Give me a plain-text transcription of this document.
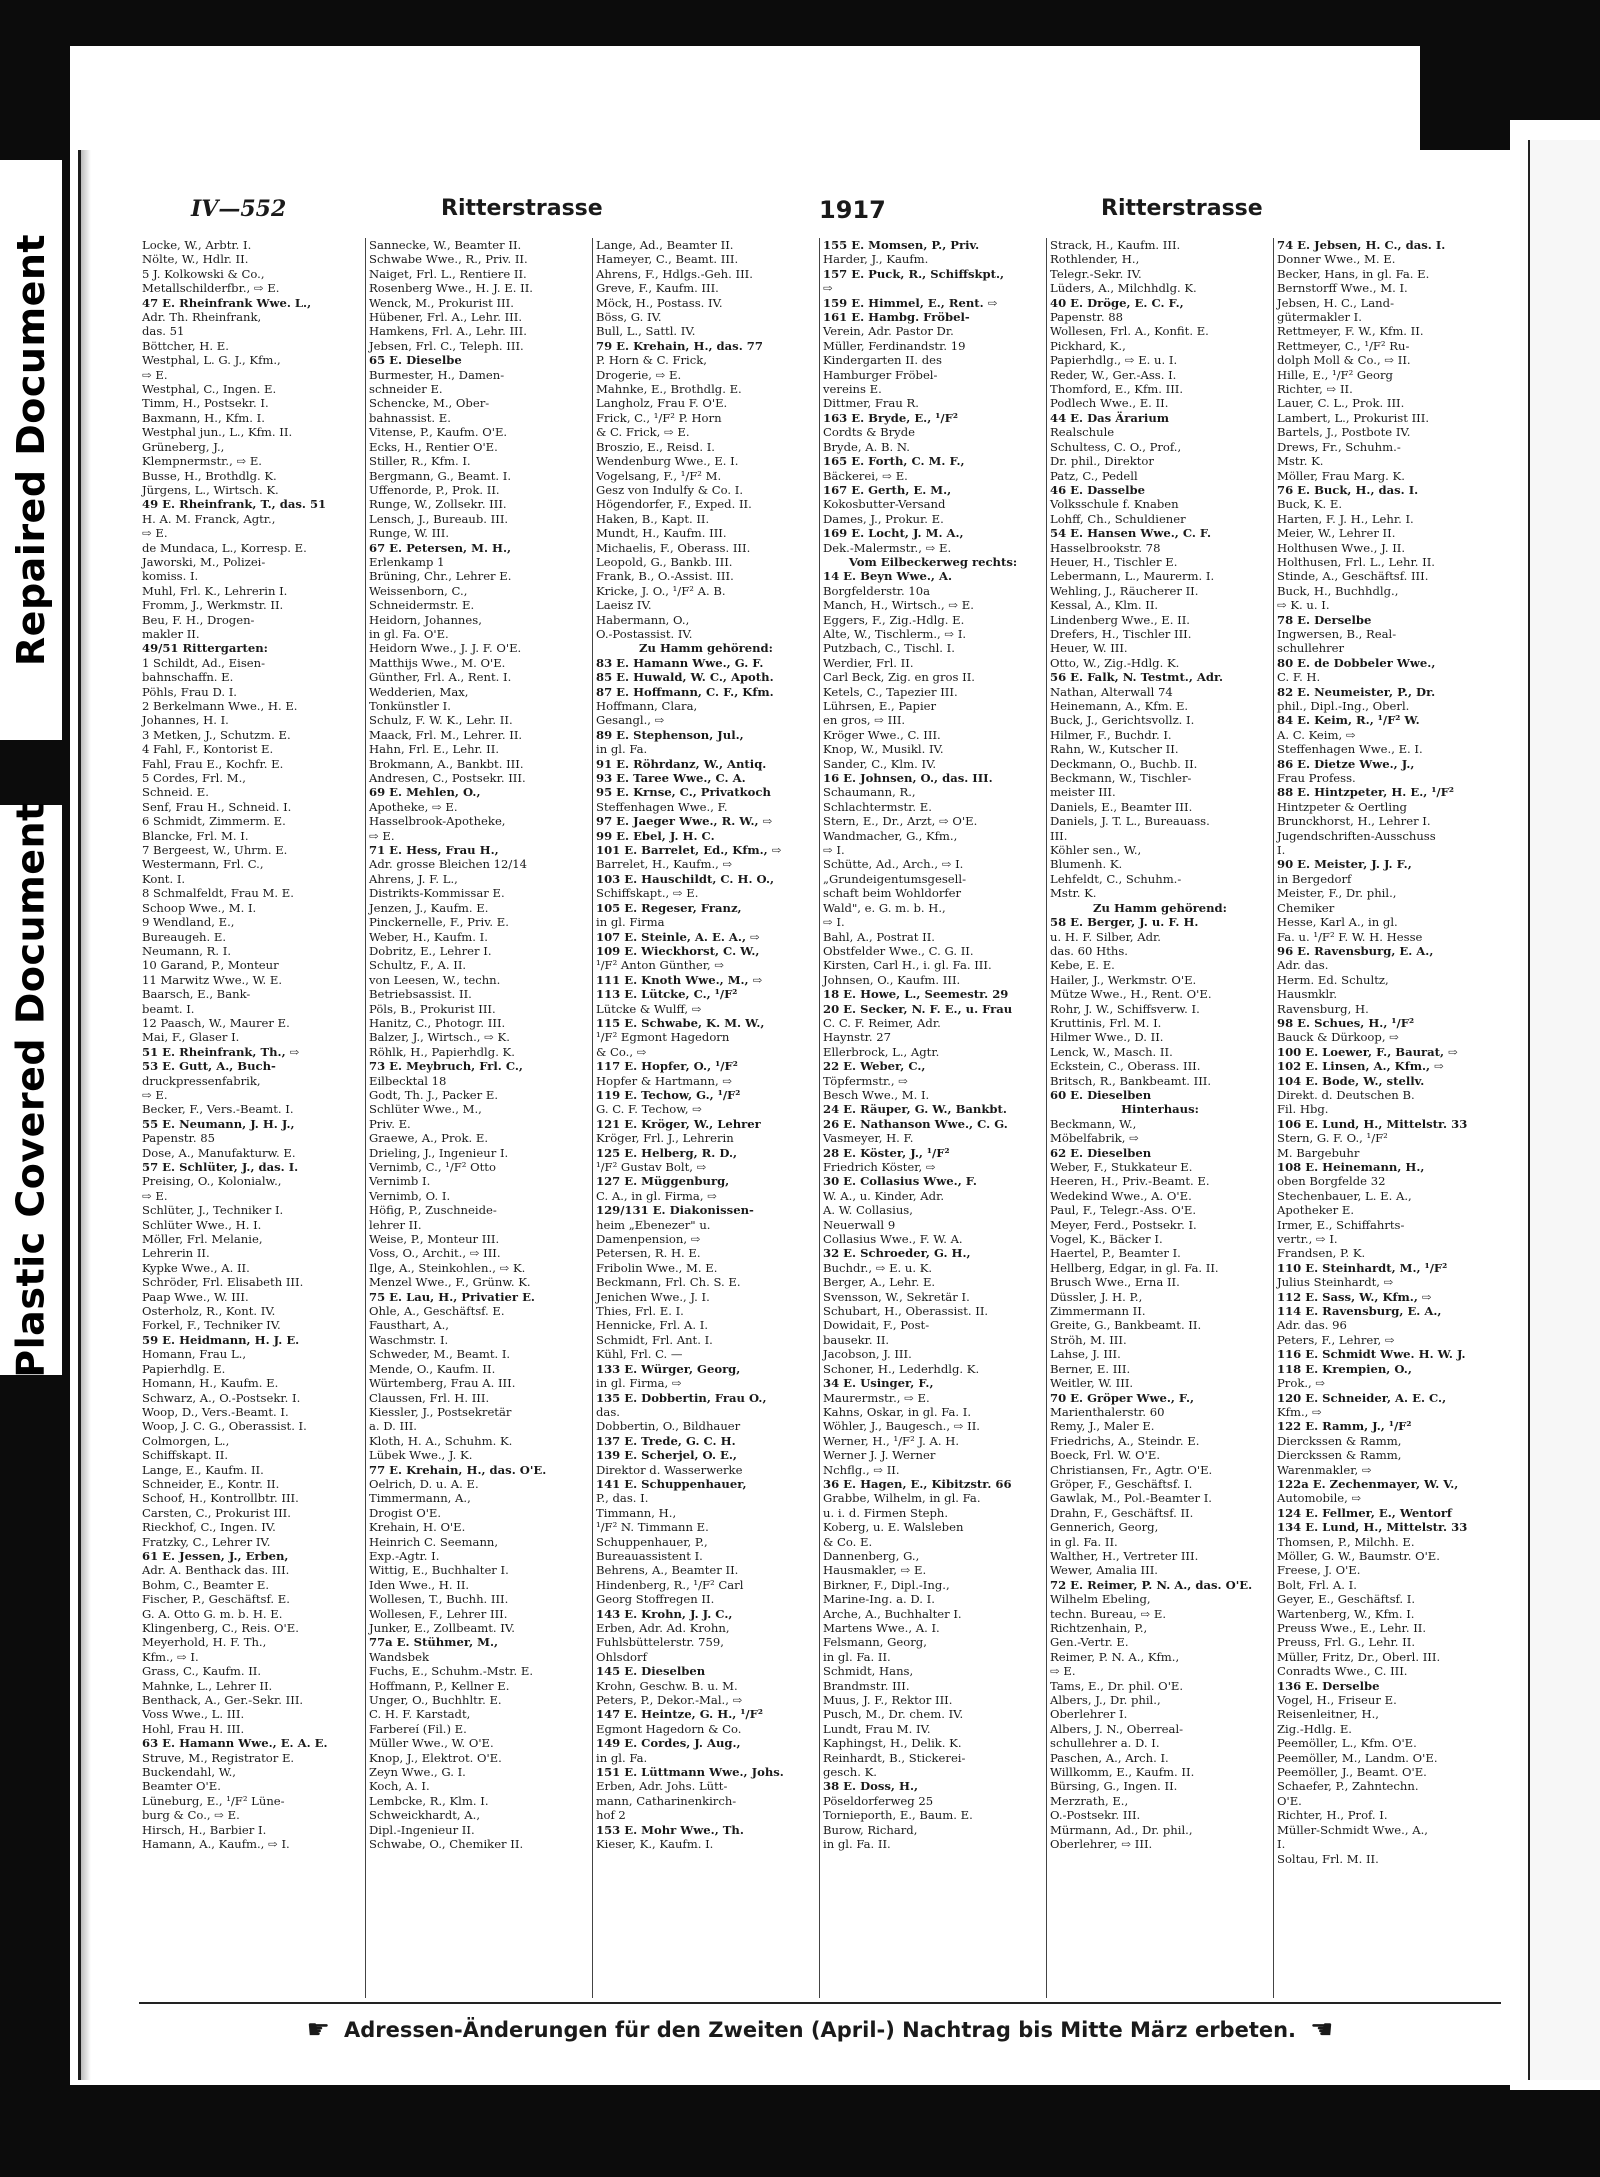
Repaired Document
Plastic Covered Document
IV—552	Ritterstrasse	1917	Ritterstrasse
Locke, W., Arbtr. I.
Nölte, W., Hdlr. II.
5 J. Kolkowski & Co.,
Metallschilderfbr., ⇨ E.
47 E. Rheinfrank Wwe. L.,
Adr. Th. Rheinfrank,
das. 51
Böttcher, H. E.
Westphal, L. G. J., Kfm.,
⇨ E.
Westphal, C., Ingen. E.
Timm, H., Postsekr. I.
Baxmann, H., Kfm. I.
Westphal jun., L., Kfm. II.
Grüneberg, J.,
Klempnermstr., ⇨ E.
Busse, H., Brothdlg. K.
Jürgens, L., Wirtsch. K.
49 E. Rheinfrank, T., das. 51
H. A. M. Franck, Agtr.,
⇨ E.
de Mundaca, L., Korresp. E.
Jaworski, M., Polizei-
komiss. I.
Muhl, Frl. K., Lehrerin I.
Fromm, J., Werkmstr. II.
Beu, F. H., Drogen-
makler II.
49/51 Rittergarten:
1 Schildt, Ad., Eisen-
bahnschaffn. E.
Pöhls, Frau D. I.
2 Berkelmann Wwe., H. E.
Johannes, H. I.
3 Metken, J., Schutzm. E.
4 Fahl, F., Kontorist E.
Fahl, Frau E., Kochfr. E.
5 Cordes, Frl. M.,
Schneid. E.
Senf, Frau H., Schneid. I.
6 Schmidt, Zimmerm. E.
Blancke, Frl. M. I.
7 Bergeest, W., Uhrm. E.
Westermann, Frl. C.,
Kont. I.
8 Schmalfeldt, Frau M. E.
Schoop Wwe., M. I.
9 Wendland, E.,
Bureaugeh. E.
Neumann, R. I.
10 Garand, P., Monteur
11 Marwitz Wwe., W. E.
Baarsch, E., Bank-
beamt. I.
12 Paasch, W., Maurer E.
Mai, F., Glaser I.
51 E. Rheinfrank, Th., ⇨
53 E. Gutt, A., Buch-
druckpressenfabrik,
⇨ E.
Becker, F., Vers.-Beamt. I.
55 E. Neumann, J. H. J.,
Papenstr. 85
Dose, A., Manufakturw. E.
57 E. Schlüter, J., das. I.
Preising, O., Kolonialw.,
⇨ E.
Schlüter, J., Techniker I.
Schlüter Wwe., H. I.
Möller, Frl. Melanie,
Lehrerin II.
Kypke Wwe., A. II.
Schröder, Frl. Elisabeth III.
Paap Wwe., W. III.
Osterholz, R., Kont. IV.
Forkel, F., Techniker IV.
59 E. Heidmann, H. J. E.
Homann, Frau L.,
Papierhdlg. E.
Homann, H., Kaufm. E.
Schwarz, A., O.-Postsekr. I.
Woop, D., Vers.-Beamt. I.
Woop, J. C. G., Oberassist. I.
Colmorgen, L.,
Schiffskapt. II.
Lange, E., Kaufm. II.
Schneider, E., Kontr. II.
Schoof, H., Kontrollbtr. III.
Carsten, C., Prokurist III.
Rieckhof, C., Ingen. IV.
Fratzky, C., Lehrer IV.
61 E. Jessen, J., Erben,
Adr. A. Benthack das. III.
Bohm, C., Beamter E.
Fischer, P., Geschäftsf. E.
G. A. Otto G. m. b. H. E.
Klingenberg, C., Reis. O'E.
Meyerhold, H. F. Th.,
Kfm., ⇨ I.
Grass, C., Kaufm. II.
Mahnke, L., Lehrer II.
Benthack, A., Ger.-Sekr. III.
Voss Wwe., L. III.
Hohl, Frau H. III.
63 E. Hamann Wwe., E. A. E.
Struve, M., Registrator E.
Buckendahl, W.,
Beamter O'E.
Lüneburg, E., ¹/F² Lüne-
burg & Co., ⇨ E.
Hirsch, H., Barbier I.
Hamann, A., Kaufm., ⇨ I.
Sannecke, W., Beamter II.
Schwabe Wwe., R., Priv. II.
Naiget, Frl. L., Rentiere II.
Rosenberg Wwe., H. J. E. II.
Wenck, M., Prokurist III.
Hübener, Frl. A., Lehr. III.
Hamkens, Frl. A., Lehr. III.
Jebsen, Frl. C., Teleph. III.
65 E. Dieselbe
Burmester, H., Damen-
schneider E.
Schencke, M., Ober-
bahnassist. E.
Vitense, P., Kaufm. O'E.
Ecks, H., Rentier O'E.
Stiller, R., Kfm. I.
Bergmann, G., Beamt. I.
Uffenorde, P., Prok. II.
Runge, W., Zollsekr. III.
Lensch, J., Bureaub. III.
Runge, W. III.
67 E. Petersen, M. H.,
Erlenkamp 1
Brüning, Chr., Lehrer E.
Weissenborn, C.,
Schneidermstr. E.
Heidorn, Johannes,
in gl. Fa. O'E.
Heidorn Wwe., J. J. F. O'E.
Matthijs Wwe., M. O'E.
Günther, Frl. A., Rent. I.
Wedderien, Max,
Tonkünstler I.
Schulz, F. W. K., Lehr. II.
Maack, Frl. M., Lehrer. II.
Hahn, Frl. E., Lehr. II.
Brokmann, A., Bankbt. III.
Andresen, C., Postsekr. III.
69 E. Mehlen, O.,
Apotheke, ⇨ E.
Hasselbrook-Apotheke,
⇨ E.
71 E. Hess, Frau H.,
Adr. grosse Bleichen 12/14
Ahrens, J. F. L.,
Distrikts-Kommissar E.
Jenzen, J., Kaufm. E.
Pinckernelle, F., Priv. E.
Weber, H., Kaufm. I.
Dobritz, E., Lehrer I.
Schultz, F., A. II.
von Leesen, W., techn.
Betriebsassist. II.
Pöls, B., Prokurist III.
Hanitz, C., Photogr. III.
Balzer, J., Wirtsch., ⇨ K.
Röhlk, H., Papierhdlg. K.
73 E. Meybruch, Frl. C.,
Eilbecktal 18
Godt, Th. J., Packer E.
Schlüter Wwe., M.,
Priv. E.
Graewe, A., Prok. E.
Drieling, J., Ingenieur I.
Vernimb, C., ¹/F² Otto
Vernimb I.
Vernimb, O. I.
Höfig, P., Zuschneide-
lehrer II.
Weise, P., Monteur III.
Voss, O., Archit., ⇨ III.
Ilge, A., Steinkohlen., ⇨ K.
Menzel Wwe., F., Grünw. K.
75 E. Lau, H., Privatier E.
Ohle, A., Geschäftsf. E.
Fausthart, A.,
Waschmstr. I.
Schweder, M., Beamt. I.
Mende, O., Kaufm. II.
Würtemberg, Frau A. III.
Claussen, Frl. H. III.
Kiessler, J., Postsekretär
a. D. III.
Kloth, H. A., Schuhm. K.
Lübek Wwe., J. K.
77 E. Krehain, H., das. O'E.
Oelrich, D. u. A. E.
Timmermann, A.,
Drogist O'E.
Krehain, H. O'E.
Heinrich C. Seemann,
Exp.-Agtr. I.
Wittig, E., Buchhalter I.
Iden Wwe., H. II.
Wollesen, T., Buchh. III.
Wollesen, F., Lehrer III.
Junker, E., Zollbeamt. IV.
77a E. Stühmer, M.,
Wandsbek
Fuchs, E., Schuhm.-Mstr. E.
Hoffmann, P., Kellner E.
Unger, O., Buchhltr. E.
C. H. F. Karstadt,
Farbereí (Fil.) E.
Müller Wwe., W. O'E.
Knop, J., Elektrot. O'E.
Zeyn Wwe., G. I.
Koch, A. I.
Lembcke, R., Klm. I.
Schweickhardt, A.,
Dipl.-Ingenieur II.
Schwabe, O., Chemiker II.
Lange, Ad., Beamter II.
Hameyer, C., Beamt. III.
Ahrens, F., Hdlgs.-Geh. III.
Greve, F., Kaufm. III.
Möck, H., Postass. IV.
Böss, G. IV.
Bull, L., Sattl. IV.
79 E. Krehain, H., das. 77
P. Horn & C. Frick,
Drogerie, ⇨ E.
Mahnke, E., Brothdlg. E.
Langholz, Frau F. O'E.
Frick, C., ¹/F² P. Horn
& C. Frick, ⇨ E.
Broszio, E., Reisd. I.
Wendenburg Wwe., E. I.
Vogelsang, F., ¹/F² M.
Gesz von Indulfy & Co. I.
Högendorfer, F., Exped. II.
Haken, B., Kapt. II.
Mundt, H., Kaufm. III.
Michaelis, F., Oberass. III.
Leopold, G., Bankb. III.
Frank, B., O.-Assist. III.
Kricke, J. O., ¹/F² A. B.
Laeisz IV.
Habermann, O.,
O.-Postassist. IV.
Zu Hamm gehörend:
83 E. Hamann Wwe., G. F.
85 E. Huwald, W. C., Apoth.
87 E. Hoffmann, C. F., Kfm.
Hoffmann, Clara,
Gesangl., ⇨
89 E. Stephenson, Jul.,
in gl. Fa.
91 E. Röhrdanz, W., Antiq.
93 E. Taree Wwe., C. A.
95 E. Krnse, C., Privatkoch
Steffenhagen Wwe., F.
97 E. Jaeger Wwe., R. W., ⇨
99 E. Ebel, J. H. C.
101 E. Barrelet, Ed., Kfm., ⇨
Barrelet, H., Kaufm., ⇨
103 E. Hauschildt, C. H. O.,
Schiffskapt., ⇨ E.
105 E. Regeser, Franz,
in gl. Firma
107 E. Steinle, A. E. A., ⇨
109 E. Wieckhorst, C. W.,
¹/F² Anton Günther, ⇨
111 E. Knoth Wwe., M., ⇨
113 E. Lütcke, C., ¹/F²
Lütcke & Wulff, ⇨
115 E. Schwabe, K. M. W.,
¹/F² Egmont Hagedorn
& Co., ⇨
117 E. Hopfer, O., ¹/F²
Hopfer & Hartmann, ⇨
119 E. Techow, G., ¹/F²
G. C. F. Techow, ⇨
121 E. Kröger, W., Lehrer
Kröger, Frl. J., Lehrerin
125 E. Helberg, R. D.,
¹/F² Gustav Bolt, ⇨
127 E. Müggenburg,
C. A., in gl. Firma, ⇨
129/131 E. Diakonissen-
heim „Ebenezer" u.
Damenpension, ⇨
Petersen, R. H. E.
Fribolin Wwe., M. E.
Beckmann, Frl. Ch. S. E.
Jenichen Wwe., J. I.
Thies, Frl. E. I.
Hennicke, Frl. A. I.
Schmidt, Frl. Ant. I.
Kühl, Frl. C. —
133 E. Würger, Georg,
in gl. Firma, ⇨
135 E. Dobbertin, Frau O.,
das.
Dobbertin, O., Bildhauer
137 E. Trede, G. C. H.
139 E. Scherjel, O. E.,
Direktor d. Wasserwerke
141 E. Schuppenhauer,
P., das. I.
Timmann, H.,
¹/F² N. Timmann E.
Schuppenhauer, P.,
Bureauassistent I.
Behrens, A., Beamter II.
Hindenberg, R., ¹/F² Carl
Georg Stoffregen II.
143 E. Krohn, J. J. C.,
Erben, Adr. Ad. Krohn,
Fuhlsbüttelerstr. 759,
Ohlsdorf
145 E. Dieselben
Krohn, Geschw. B. u. M.
Peters, P., Dekor.-Mal., ⇨
147 E. Heintze, G. H., ¹/F²
Egmont Hagedorn & Co.
149 E. Cordes, J. Aug.,
in gl. Fa.
151 E. Lüttmann Wwe., Johs.
Erben, Adr. Johs. Lütt-
mann, Catharinenkirch-
hof 2
153 E. Mohr Wwe., Th.
Kieser, K., Kaufm. I.
155 E. Momsen, P., Priv.
Harder, J., Kaufm.
157 E. Puck, R., Schiffskpt.,
⇨
159 E. Himmel, E., Rent. ⇨
161 E. Hambg. Fröbel-
Verein, Adr. Pastor Dr.
Müller, Ferdinandstr. 19
Kindergarten II. des
Hamburger Fröbel-
vereins E.
Dittmer, Frau R.
163 E. Bryde, E., ¹/F²
Cordts & Bryde
Bryde, A. B. N.
165 E. Forth, C. M. F.,
Bäckerei, ⇨ E.
167 E. Gerth, E. M.,
Kokosbutter-Versand
Dames, J., Prokur. E.
169 E. Locht, J. M. A.,
Dek.-Malermstr., ⇨ E.
Vom Eilbeckerweg rechts:
14 E. Beyn Wwe., A.
Borgfelderstr. 10a
Manch, H., Wirtsch., ⇨ E.
Eggers, F., Zig.-Hdlg. E.
Alte, W., Tischlerm., ⇨ I.
Putzbach, C., Tischl. I.
Werdier, Frl. II.
Carl Beck, Zig. en gros II.
Ketels, C., Tapezier III.
Lührsen, E., Papier
en gros, ⇨ III.
Kröger Wwe., C. III.
Knop, W., Musikl. IV.
Sander, C., Klm. IV.
16 E. Johnsen, O., das. III.
Schaumann, R.,
Schlachtermstr. E.
Stern, E., Dr., Arzt, ⇨ O'E.
Wandmacher, G., Kfm.,
⇨ I.
Schütte, Ad., Arch., ⇨ I.
„Grundeigentumsgesell-
schaft beim Wohldorfer
Wald", e. G. m. b. H.,
⇨ I.
Bahl, A., Postrat II.
Obstfelder Wwe., C. G. II.
Kirsten, Carl H., i. gl. Fa. III.
Johnsen, O., Kaufm. III.
18 E. Howe, L., Seemestr. 29
20 E. Secker, N. F. E., u. Frau
C. C. F. Reimer, Adr.
Haynstr. 27
Ellerbrock, L., Agtr.
22 E. Weber, C.,
Töpfermstr., ⇨
Besch Wwe., M. I.
24 E. Räuper, G. W., Bankbt.
26 E. Nathanson Wwe., C. G.
Vasmeyer, H. F.
28 E. Köster, J., ¹/F²
Friedrich Köster, ⇨
30 E. Collasius Wwe., F.
W. A., u. Kinder, Adr.
A. W. Collasius,
Neuerwall 9
Collasius Wwe., F. W. A.
32 E. Schroeder, G. H.,
Buchdr., ⇨ E. u. K.
Berger, A., Lehr. E.
Svensson, W., Sekretär I.
Schubart, H., Oberassist. II.
Dowidait, F., Post-
bausekr. II.
Jacobson, J. III.
Schoner, H., Lederhdlg. K.
34 E. Usinger, F.,
Maurermstr., ⇨ E.
Kahns, Oskar, in gl. Fa. I.
Wöhler, J., Baugesch., ⇨ II.
Werner, H., ¹/F² J. A. H.
Werner J. J. Werner
Nchflg., ⇨ II.
36 E. Hagen, E., Kibitzstr. 66
Grabbe, Wilhelm, in gl. Fa.
u. i. d. Firmen Steph.
Koberg, u. E. Walsleben
& Co. E.
Dannenberg, G.,
Hausmakler, ⇨ E.
Birkner, F., Dipl.-Ing.,
Marine-Ing. a. D. I.
Arche, A., Buchhalter I.
Martens Wwe., A. I.
Felsmann, Georg,
in gl. Fa. II.
Schmidt, Hans,
Brandmstr. III.
Muus, J. F., Rektor III.
Pusch, M., Dr. chem. IV.
Lundt, Frau M. IV.
Kaphingst, H., Delik. K.
Reinhardt, B., Stickerei-
gesch. K.
38 E. Doss, H.,
Pöseldorferweg 25
Tornieporth, E., Baum. E.
Burow, Richard,
in gl. Fa. II.
Strack, H., Kaufm. III.
Rothlender, H.,
Telegr.-Sekr. IV.
Lüders, A., Milchhdlg. K.
40 E. Dröge, E. C. F.,
Papenstr. 88
Wollesen, Frl. A., Konfit. E.
Pickhard, K.,
Papierhdlg., ⇨ E. u. I.
Reder, W., Ger.-Ass. I.
Thomford, E., Kfm. III.
Podlech Wwe., E. II.
44 E. Das Ärarium
Realschule
Schultess, C. O., Prof.,
Dr. phil., Direktor
Patz, C., Pedell
46 E. Dasselbe
Volksschule f. Knaben
Lohff, Ch., Schuldiener
54 E. Hansen Wwe., C. F.
Hasselbrookstr. 78
Heuer, H., Tischler E.
Lebermann, L., Maurerm. I.
Wehling, J., Räucherer II.
Kessal, A., Klm. II.
Lindenberg Wwe., E. II.
Drefers, H., Tischler III.
Heuer, W. III.
Otto, W., Zig.-Hdlg. K.
56 E. Falk, N. Testmt., Adr.
Nathan, Alterwall 74
Heinemann, A., Kfm. E.
Buck, J., Gerichtsvollz. I.
Hilmer, F., Buchdr. I.
Rahn, W., Kutscher II.
Deckmann, O., Buchb. II.
Beckmann, W., Tischler-
meister III.
Daniels, E., Beamter III.
Daniels, J. T. L., Bureauass.
III.
Köhler sen., W.,
Blumenh. K.
Lehfeldt, C., Schuhm.-
Mstr. K.
Zu Hamm gehörend:
58 E. Berger, J. u. F. H.
u. H. F. Silber, Adr.
das. 60 Hths.
Kebe, E. E.
Hailer, J., Werkmstr. O'E.
Mütze Wwe., H., Rent. O'E.
Rohr, J. W., Schiffsverw. I.
Kruttinis, Frl. M. I.
Hilmer Wwe., D. II.
Lenck, W., Masch. II.
Eckstein, C., Oberass. III.
Britsch, R., Bankbeamt. III.
60 E. Dieselben
Hinterhaus:
Beckmann, W.,
Möbelfabrik, ⇨
62 E. Dieselben
Weber, F., Stukkateur E.
Heeren, H., Priv.-Beamt. E.
Wedekind Wwe., A. O'E.
Paul, F., Telegr.-Ass. O'E.
Meyer, Ferd., Postsekr. I.
Vogel, K., Bäcker I.
Haertel, P., Beamter I.
Hellberg, Edgar, in gl. Fa. II.
Brusch Wwe., Erna II.
Düssler, J. H. P.,
Zimmermann II.
Greite, G., Bankbeamt. II.
Ströh, M. III.
Lahse, J. III.
Berner, E. III.
Weitler, W. III.
70 E. Gröper Wwe., F.,
Marienthalerstr. 60
Remy, J., Maler E.
Friedrichs, A., Steindr. E.
Boeck, Frl. W. O'E.
Christiansen, Fr., Agtr. O'E.
Gröper, F., Geschäftsf. I.
Gawlak, M., Pol.-Beamter I.
Drahn, F., Geschäftsf. II.
Gennerich, Georg,
in gl. Fa. II.
Walther, H., Vertreter III.
Wewer, Amalia III.
72 E. Reimer, P. N. A., das. O'E.
Wilhelm Ebeling,
techn. Bureau, ⇨ E.
Richtzenhain, P.,
Gen.-Vertr. E.
Reimer, P. N. A., Kfm.,
⇨ E.
Tams, E., Dr. phil. O'E.
Albers, J., Dr. phil.,
Oberlehrer I.
Albers, J. N., Oberreal-
schullehrer a. D. I.
Paschen, A., Arch. I.
Willkomm, E., Kaufm. II.
Bürsing, G., Ingen. II.
Merzrath, E.,
O.-Postsekr. III.
Mürmann, Ad., Dr. phil.,
Oberlehrer, ⇨ III.
74 E. Jebsen, H. C., das. I.
Donner Wwe., M. E.
Becker, Hans, in gl. Fa. E.
Bernstorff Wwe., M. I.
Jebsen, H. C., Land-
gütermakler I.
Rettmeyer, F. W., Kfm. II.
Rettmeyer, C., ¹/F² Ru-
dolph Moll & Co., ⇨ II.
Hille, E., ¹/F² Georg
Richter, ⇨ II.
Lauer, C. L., Prok. III.
Lambert, L., Prokurist III.
Bartels, J., Postbote IV.
Drews, Fr., Schuhm.-
Mstr. K.
Möller, Frau Marg. K.
76 E. Buck, H., das. I.
Buck, K. E.
Harten, F. J. H., Lehr. I.
Meier, W., Lehrer II.
Holthusen Wwe., J. II.
Holthusen, Frl. L., Lehr. II.
Stinde, A., Geschäftsf. III.
Buck, H., Buchhdlg.,
⇨ K. u. I.
78 E. Derselbe
Ingwersen, B., Real-
schullehrer
80 E. de Dobbeler Wwe.,
C. F. H.
82 E. Neumeister, P., Dr.
phil., Dipl.-Ing., Oberl.
84 E. Keim, R., ¹/F² W.
A. C. Keim, ⇨
Steffenhagen Wwe., E. I.
86 E. Dietze Wwe., J.,
Frau Profess.
88 E. Hintzpeter, H. E., ¹/F²
Hintzpeter & Oertling
Brunckhorst, H., Lehrer I.
Jugendschriften-Ausschuss
I.
90 E. Meister, J. J. F.,
in Bergedorf
Meister, F., Dr. phil.,
Chemiker
Hesse, Karl A., in gl.
Fa. u. ¹/F² F. W. H. Hesse
96 E. Ravensburg, E. A.,
Adr. das.
Herm. Ed. Schultz,
Hausmklr.
Ravensburg, H.
98 E. Schues, H., ¹/F²
Bauck & Dürkoop, ⇨
100 E. Loewer, F., Baurat, ⇨
102 E. Linsen, A., Kfm., ⇨
104 E. Bode, W., stellv.
Direkt. d. Deutschen B.
Fil. Hbg.
106 E. Lund, H., Mittelstr. 33
Stern, G. F. O., ¹/F²
M. Bargebuhr
108 E. Heinemann, H.,
oben Borgfelde 32
Stechenbauer, L. E. A.,
Apotheker E.
Irmer, E., Schiffahrts-
vertr., ⇨ I.
Frandsen, P. K.
110 E. Steinhardt, M., ¹/F²
Julius Steinhardt, ⇨
112 E. Sass, W., Kfm., ⇨
114 E. Ravensburg, E. A.,
Adr. das. 96
Peters, F., Lehrer, ⇨
116 E. Schmidt Wwe. H. W. J.
118 E. Krempien, O.,
Prok., ⇨
120 E. Schneider, A. E. C.,
Kfm., ⇨
122 E. Ramm, J., ¹/F²
Dierckssen & Ramm,
Dierckssen & Ramm,
Warenmakler, ⇨
122a E. Zechenmayer, W. V.,
Automobile, ⇨
124 E. Fellmer, E., Wentorf
134 E. Lund, H., Mittelstr. 33
Thomsen, P., Milchh. E.
Möller, G. W., Baumstr. O'E.
Freese, J. O'E.
Bolt, Frl. A. I.
Geyer, E., Geschäftsf. I.
Wartenberg, W., Kfm. I.
Preuss Wwe., E., Lehr. II.
Preuss, Frl. G., Lehr. II.
Müller, Fritz, Dr., Oberl. III.
Conradts Wwe., C. III.
136 E. Derselbe
Vogel, H., Friseur E.
Reisenleitner, H.,
Zig.-Hdlg. E.
Peemöller, L., Kfm. O'E.
Peemöller, M., Landm. O'E.
Peemöller, J., Beamt. O'E.
Schaefer, P., Zahntechn.
O'E.
Richter, H., Prof. I.
Müller-Schmidt Wwe., A.,
I.
Soltau, Frl. M. II.
☛ Adressen-Änderungen für den Zweiten (April-) Nachtrag bis Mitte März erbeten. ☛
